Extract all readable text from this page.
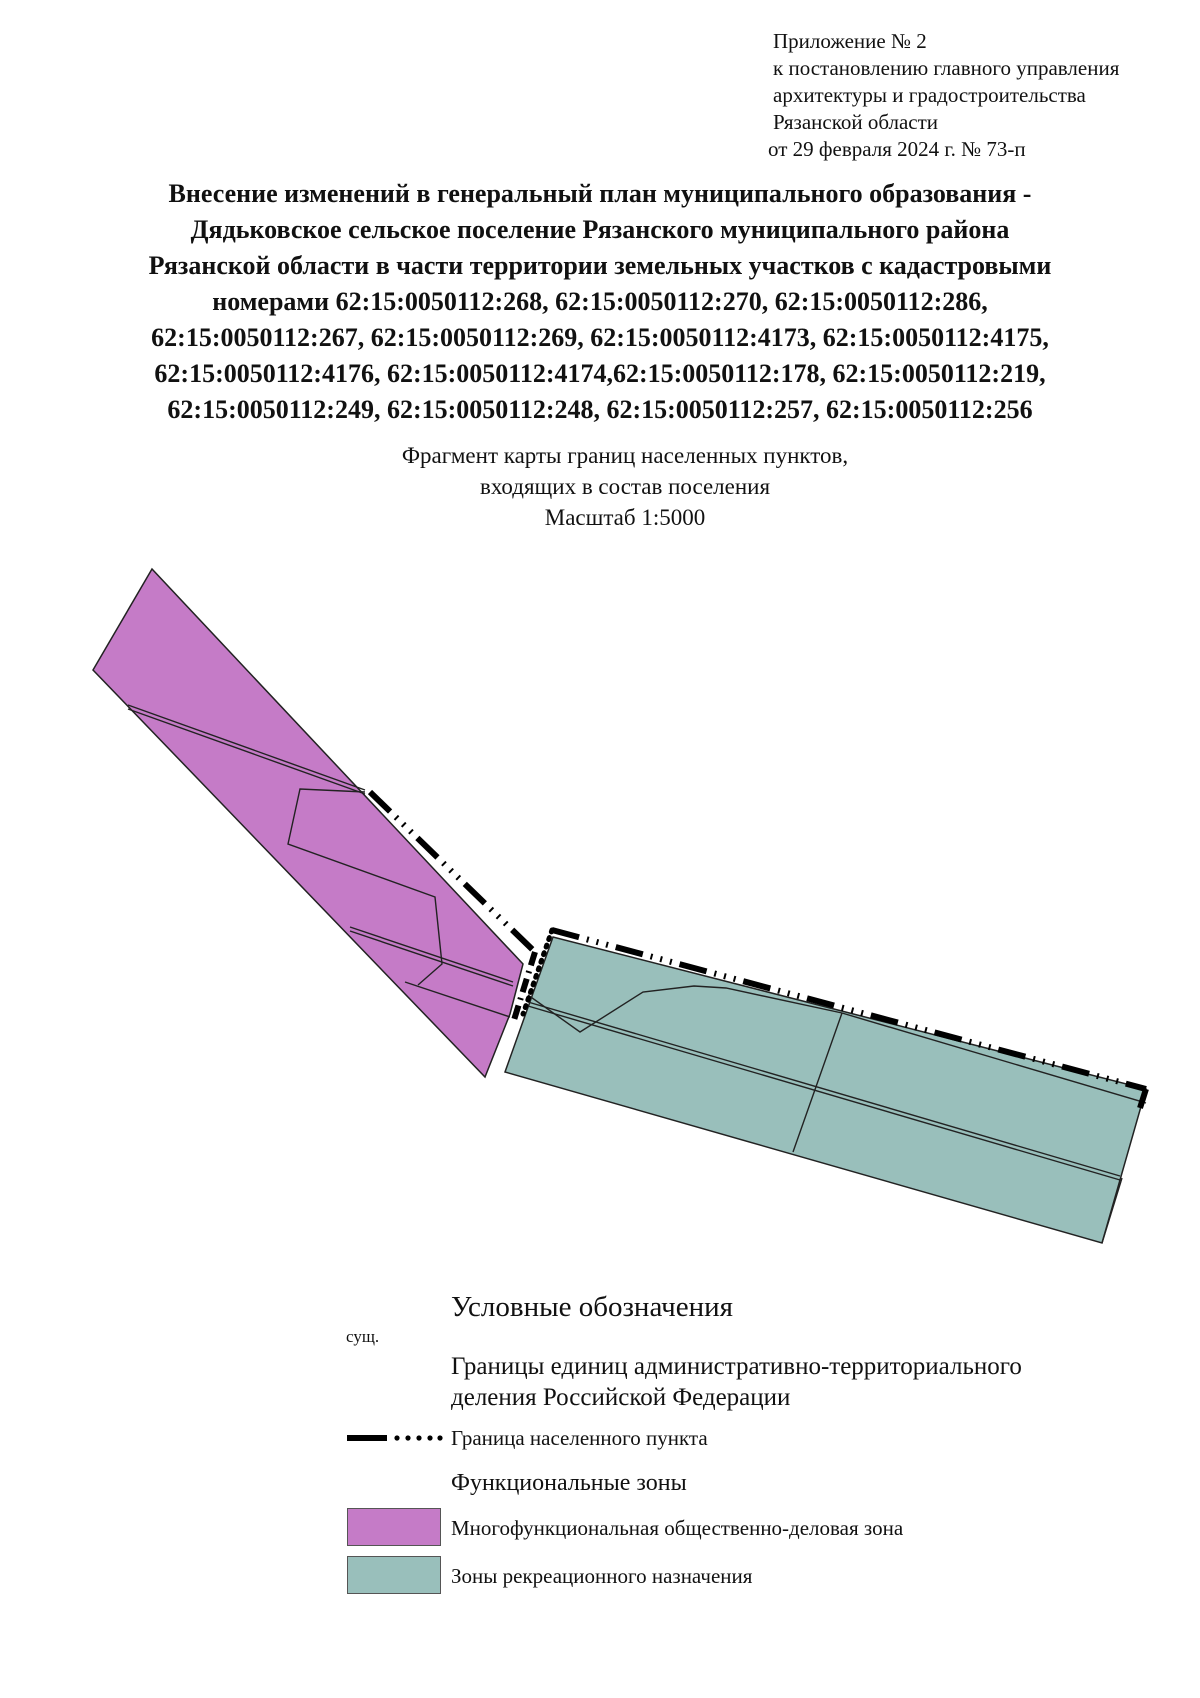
Приложение № 2
к постановлению главного управления
архитектуры и градостроительства
Рязанской области
от 29 февраля 2024 г. № 73-п
Внесение изменений в генеральный план муниципального образования -
Дядьковское сельское поселение Рязанского муниципального района
Рязанской области в части территории земельных участков с кадастровыми
номерами 62:15:0050112:268, 62:15:0050112:270, 62:15:0050112:286,
62:15:0050112:267, 62:15:0050112:269, 62:15:0050112:4173, 62:15:0050112:4175,
62:15:0050112:4176, 62:15:0050112:4174,62:15:0050112:178, 62:15:0050112:219,
62:15:0050112:249, 62:15:0050112:248, 62:15:0050112:257, 62:15:0050112:256
Фрагмент карты границ населенных пунктов,
входящих в состав поселения
Масштаб 1:5000
Условные обозначения
сущ.
Границы единиц административно-территориального
деления Российской Федерации
Граница населенного пункта
Функциональные зоны
Многофункциональная общественно-деловая зона
Зоны рекреационного назначения
